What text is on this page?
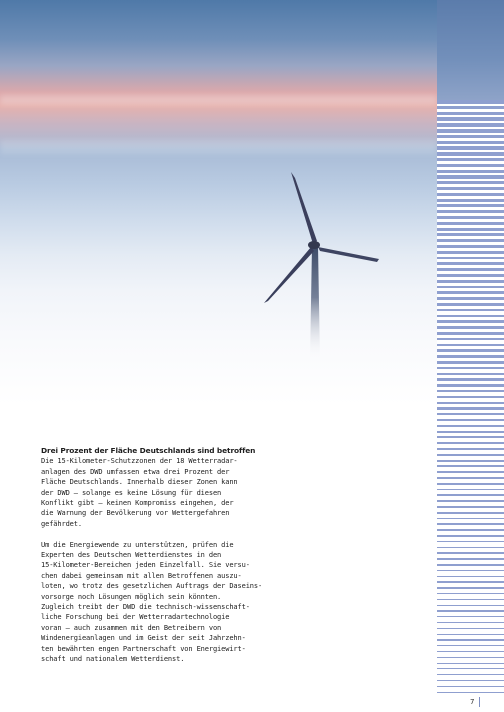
Drei Prozent der Fläche Deutschlands sind betroffen
Die 15-Kilometer-Schutzzonen der 18 Wetterradar-
anlagen des DWD umfassen etwa drei Prozent der
Fläche Deutschlands. Innerhalb dieser Zonen kann
der DWD – solange es keine Lösung für diesen
Konflikt gibt – keinen Kompromiss eingehen, der
die Warnung der Bevölkerung vor Wettergefahren
gefährdet.
Um die Energiewende zu unterstützen, prüfen die
Experten des Deutschen Wetterdienstes in den
15-Kilometer-Bereichen jeden Einzelfall. Sie versu-
chen dabei gemeinsam mit allen Betroffenen auszu-
loten, wo trotz des gesetzlichen Auftrags der Daseins-
vorsorge noch Lösungen möglich sein könnten.
Zugleich treibt der DWD die technisch-wissenschaft-
liche Forschung bei der Wetterradartechnologie
voran – auch zusammen mit den Betreibern von
Windenergieanlagen und im Geist der seit Jahrzehn-
ten bewährten engen Partnerschaft von Energiewirt-
schaft und nationalem Wetterdienst.
7
